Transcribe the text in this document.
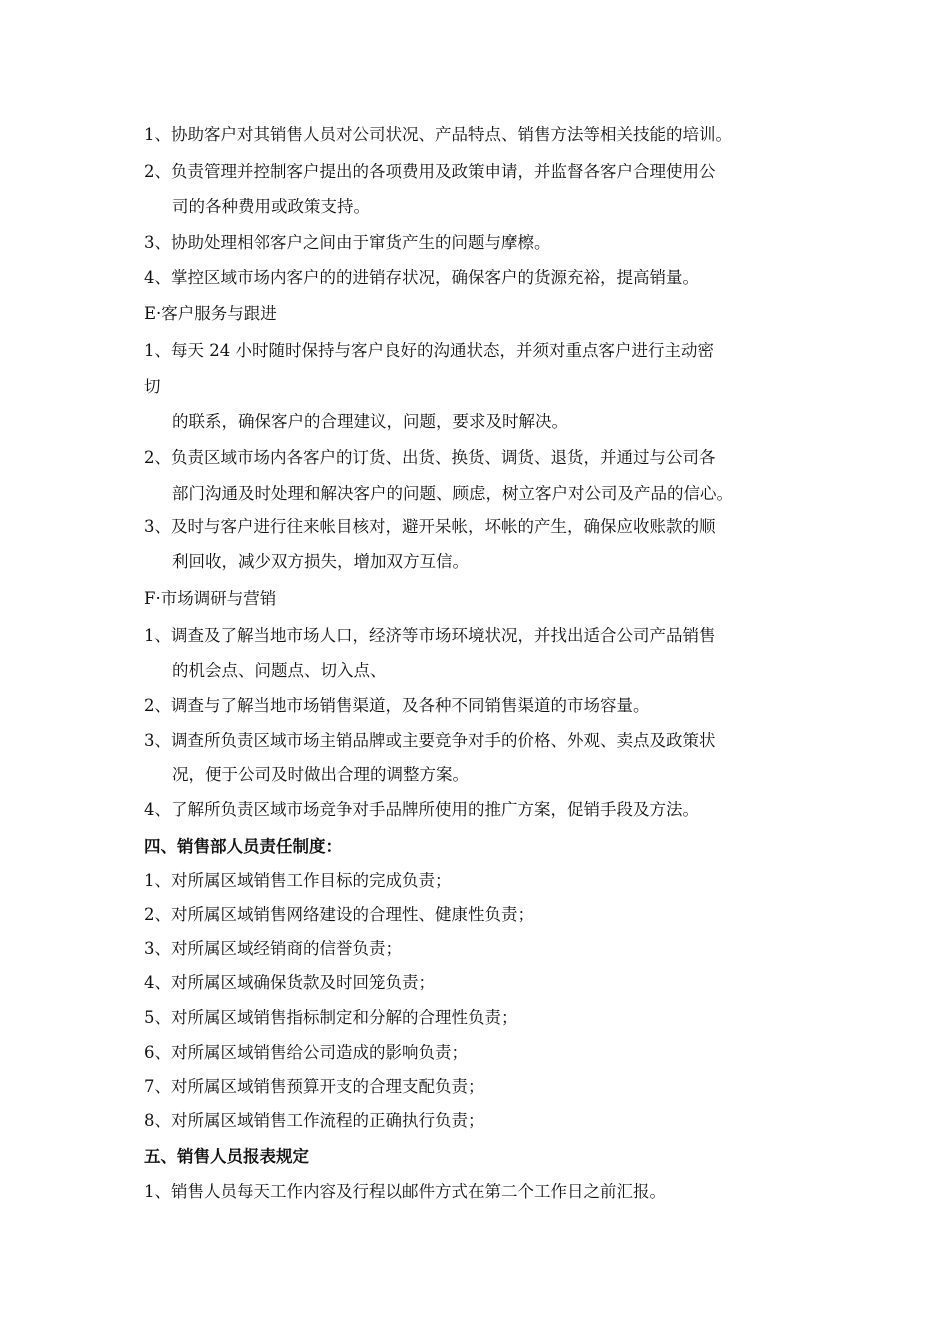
1、协助客户对其销售人员对公司状况、产品特点、销售方法等相关技能的培训。
2、负责管理并控制客户提出的各项费用及政策申请，并监督各客户合理使用公
司的各种费用或政策支持。
3、协助处理相邻客户之间由于窜货产生的问题与摩檫。
4、掌控区域市场内客户的的进销存状况，确保客户的货源充裕，提高销量。
E·客户服务与跟进
1、每天 24 小时随时保持与客户良好的沟通状态，并须对重点客户进行主动密
切
的联系，确保客户的合理建议，问题，要求及时解决。
2、负责区域市场内各客户的订货、出货、换货、调货、退货，并通过与公司各
部门沟通及时处理和解决客户的问题、顾虑，树立客户对公司及产品的信心。
3、及时与客户进行往来帐目核对，避开呆帐，坏帐的产生，确保应收账款的顺
利回收，减少双方损失，增加双方互信。
F·市场调研与营销
1、调查及了解当地市场人口，经济等市场环境状况，并找出适合公司产品销售
的机会点、问题点、切入点、
2、调查与了解当地市场销售渠道，及各种不同销售渠道的市场容量。
3、调查所负责区域市场主销品牌或主要竞争对手的价格、外观、卖点及政策状
况，便于公司及时做出合理的调整方案。
4、了解所负责区域市场竞争对手品牌所使用的推广方案，促销手段及方法。
四、销售部人员责任制度：
1、对所属区域销售工作目标的完成负责；
2、对所属区域销售网络建设的合理性、健康性负责；
3、对所属区域经销商的信誉负责；
4、对所属区域确保货款及时回笼负责；
5、对所属区域销售指标制定和分解的合理性负责；
6、对所属区域销售给公司造成的影响负责；
7、对所属区域销售预算开支的合理支配负责；
8、对所属区域销售工作流程的正确执行负责；
五、销售人员报表规定
1、销售人员每天工作内容及行程以邮件方式在第二个工作日之前汇报。
